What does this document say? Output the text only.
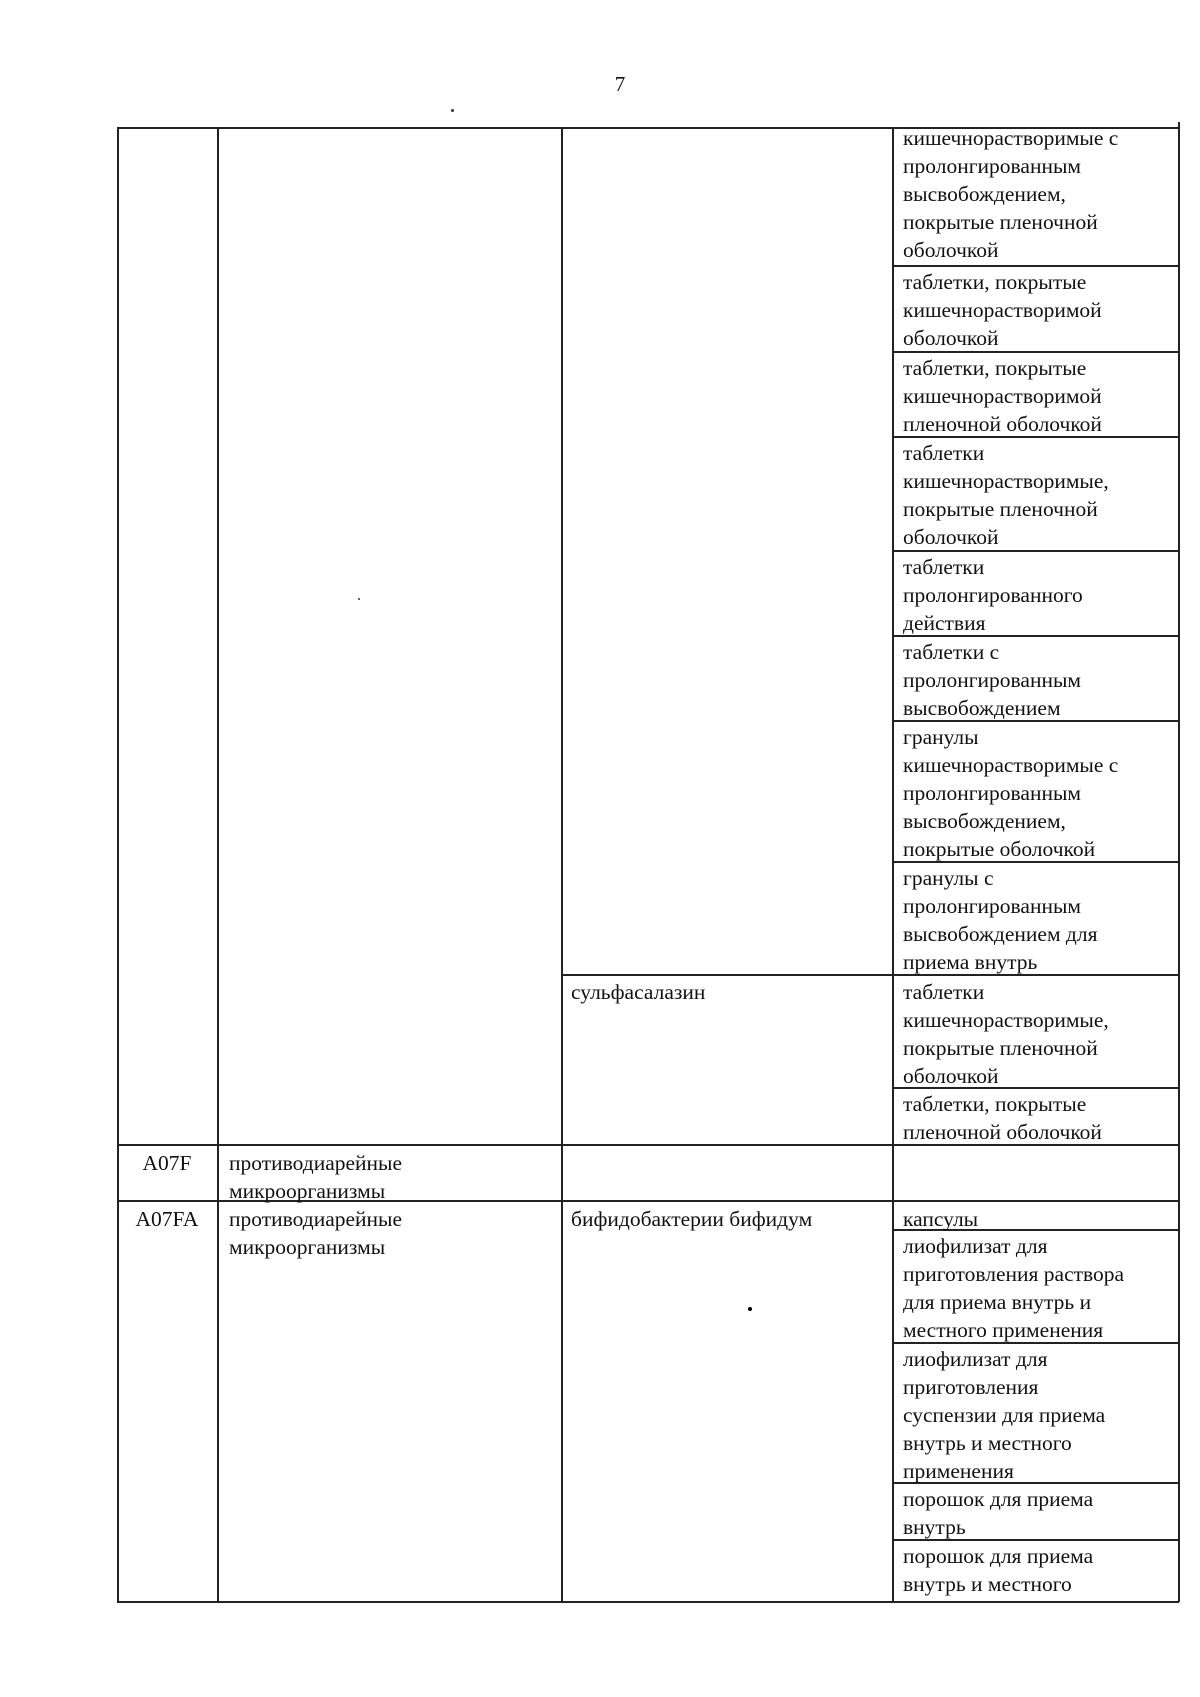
7
A07F
A07FA
противодиарейные
микроорганизмы
противодиарейные
микроорганизмы
сульфасалазин
бифидобактерии бифидум
кишечнорастворимые с
пролонгированным
высвобождением,
покрытые пленочной
оболочкой
таблетки, покрытые
кишечнорастворимой
оболочкой
таблетки, покрытые
кишечнорастворимой
пленочной оболочкой
таблетки
кишечнорастворимые,
покрытые пленочной
оболочкой
таблетки
пролонгированного
действия
таблетки с
пролонгированным
высвобождением
гранулы
кишечнорастворимые с
пролонгированным
высвобождением,
покрытые оболочкой
гранулы с
пролонгированным
высвобождением для
приема внутрь
таблетки
кишечнорастворимые,
покрытые пленочной
оболочкой
таблетки, покрытые
пленочной оболочкой
капсулы
лиофилизат для
приготовления раствора
для приема внутрь и
местного применения
лиофилизат для
приготовления
суспензии для приема
внутрь и местного
применения
порошок для приема
внутрь
порошок для приема
внутрь и местного
